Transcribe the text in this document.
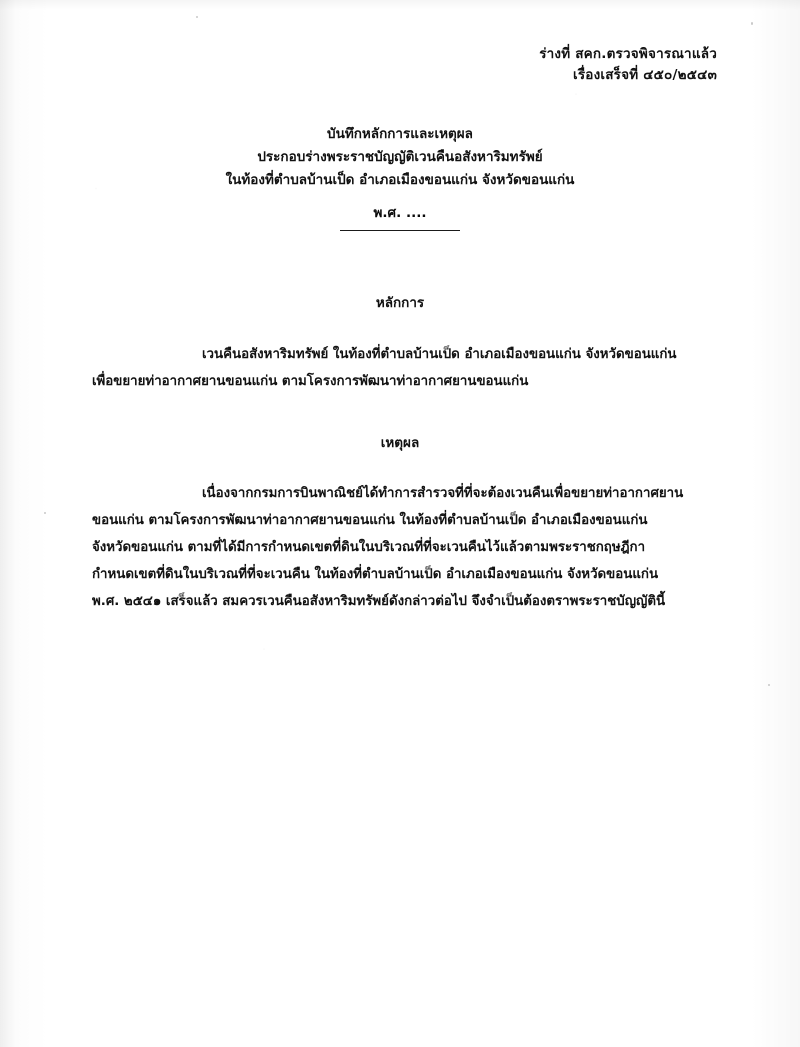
ร่างที่ สคก.ตรวจพิจารณาแล้ว
เรื่องเสร็จที่ ๔๕๐/๒๕๔๓
บันทึกหลักการและเหตุผล
ประกอบร่างพระราชบัญญัติเวนคืนอสังหาริมทรัพย์
ในท้องที่ตำบลบ้านเป็ด อำเภอเมืองขอนแก่น จังหวัดขอนแก่น
พ.ศ. ....
หลักการ
เวนคืนอสังหาริมทรัพย์ ในท้องที่ตำบลบ้านเป็ด อำเภอเมืองขอนแก่น จังหวัดขอนแก่น
เพื่อขยายท่าอากาศยานขอนแก่น ตามโครงการพัฒนาท่าอากาศยานขอนแก่น
เหตุผล
เนื่องจากกรมการบินพาณิชย์ได้ทำการสำรวจที่ที่จะต้องเวนคืนเพื่อขยายท่าอากาศยาน
ขอนแก่น ตามโครงการพัฒนาท่าอากาศยานขอนแก่น ในท้องที่ตำบลบ้านเป็ด อำเภอเมืองขอนแก่น
จังหวัดขอนแก่น ตามที่ได้มีการกำหนดเขตที่ดินในบริเวณที่ที่จะเวนคืนไว้แล้วตามพระราชกฤษฎีกา
กำหนดเขตที่ดินในบริเวณที่ที่จะเวนคืน ในท้องที่ตำบลบ้านเป็ด อำเภอเมืองขอนแก่น จังหวัดขอนแก่น
พ.ศ. ๒๕๔๑ เสร็จแล้ว สมควรเวนคืนอสังหาริมทรัพย์ดังกล่าวต่อไป จึงจำเป็นต้องตราพระราชบัญญัตินี้
